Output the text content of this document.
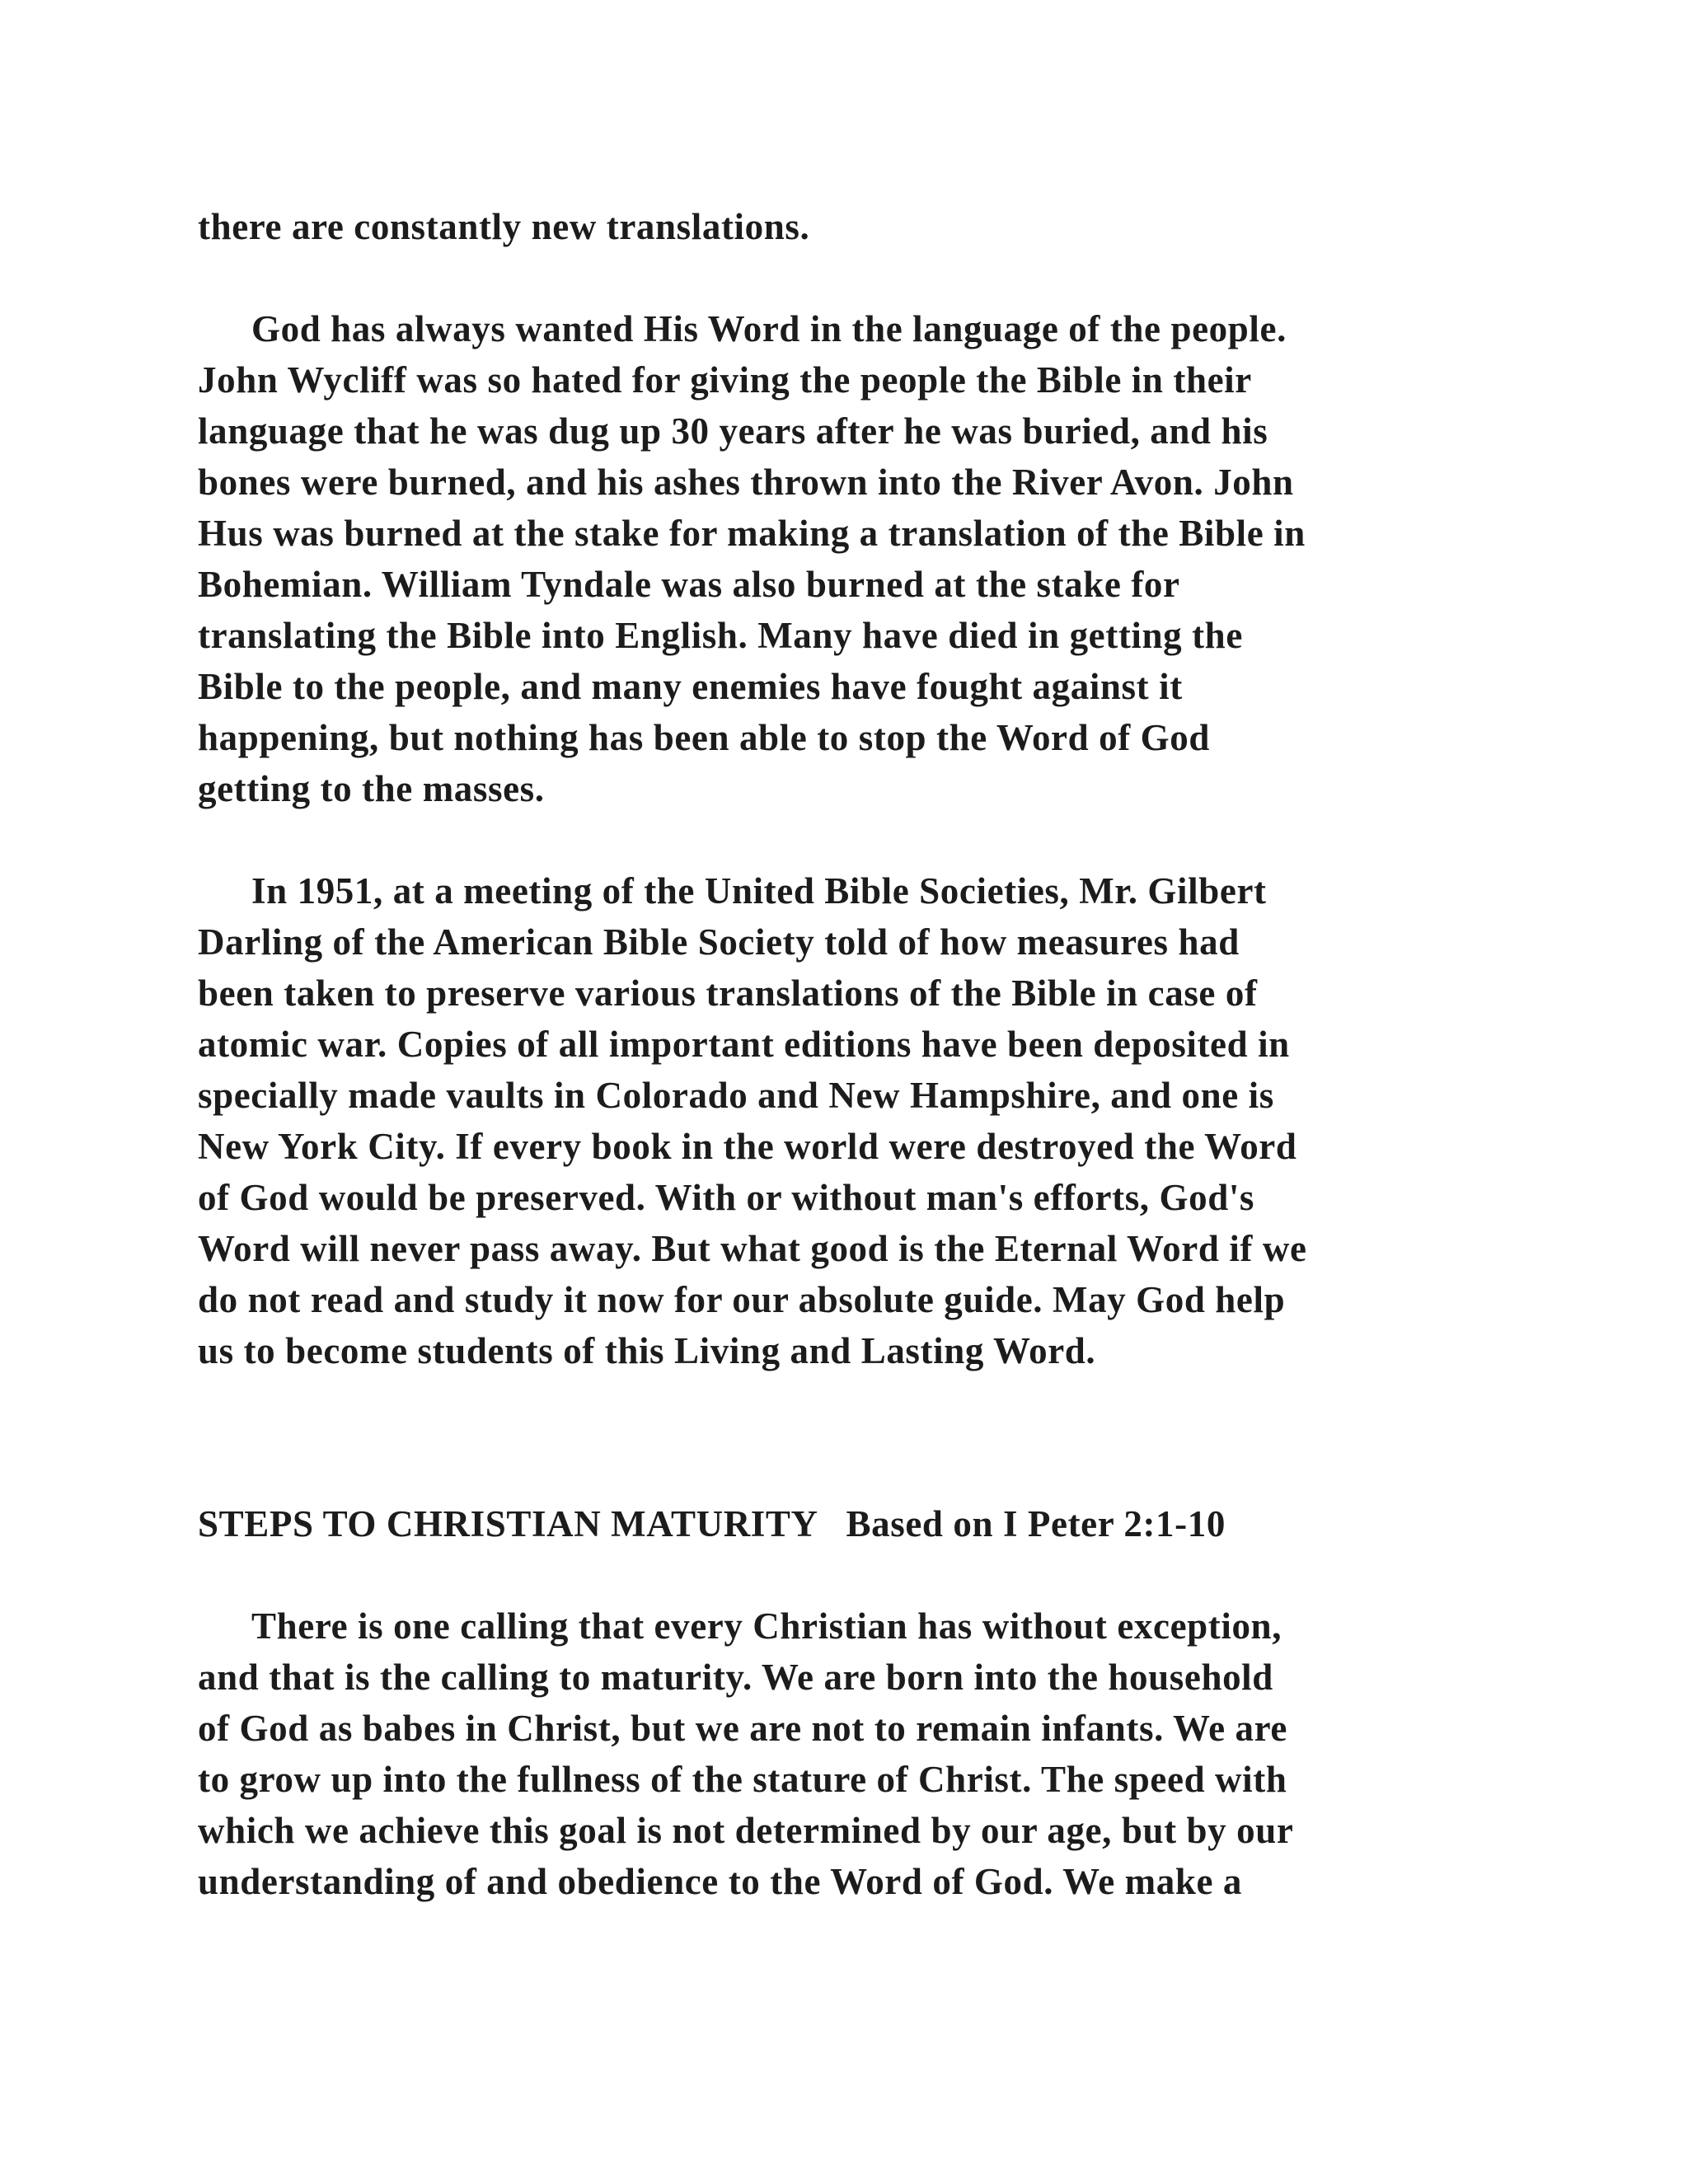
there are constantly new translations.
God has always wanted His Word in the language of the people.
John Wycliff was so hated for giving the people the Bible in their
language that he was dug up 30 years after he was buried, and his
bones were burned, and his ashes thrown into the River Avon. John
Hus was burned at the stake for making a translation of the Bible in
Bohemian. William Tyndale was also burned at the stake for
translating the Bible into English. Many have died in getting the
Bible to the people, and many enemies have fought against it
happening, but nothing has been able to stop the Word of God
getting to the masses.
In 1951, at a meeting of the United Bible Societies, Mr. Gilbert
Darling of the American Bible Society told of how measures had
been taken to preserve various translations of the Bible in case of
atomic war. Copies of all important editions have been deposited in
specially made vaults in Colorado and New Hampshire, and one is
New York City. If every book in the world were destroyed the Word
of God would be preserved. With or without man's efforts, God's
Word will never pass away. But what good is the Eternal Word if we
do not read and study it now for our absolute guide. May God help
us to become students of this Living and Lasting Word.
STEPS TO CHRISTIAN MATURITY   Based on I Peter 2:1-10
There is one calling that every Christian has without exception,
and that is the calling to maturity. We are born into the household
of God as babes in Christ, but we are not to remain infants. We are
to grow up into the fullness of the stature of Christ. The speed with
which we achieve this goal is not determined by our age, but by our
understanding of and obedience to the Word of God. We make a
